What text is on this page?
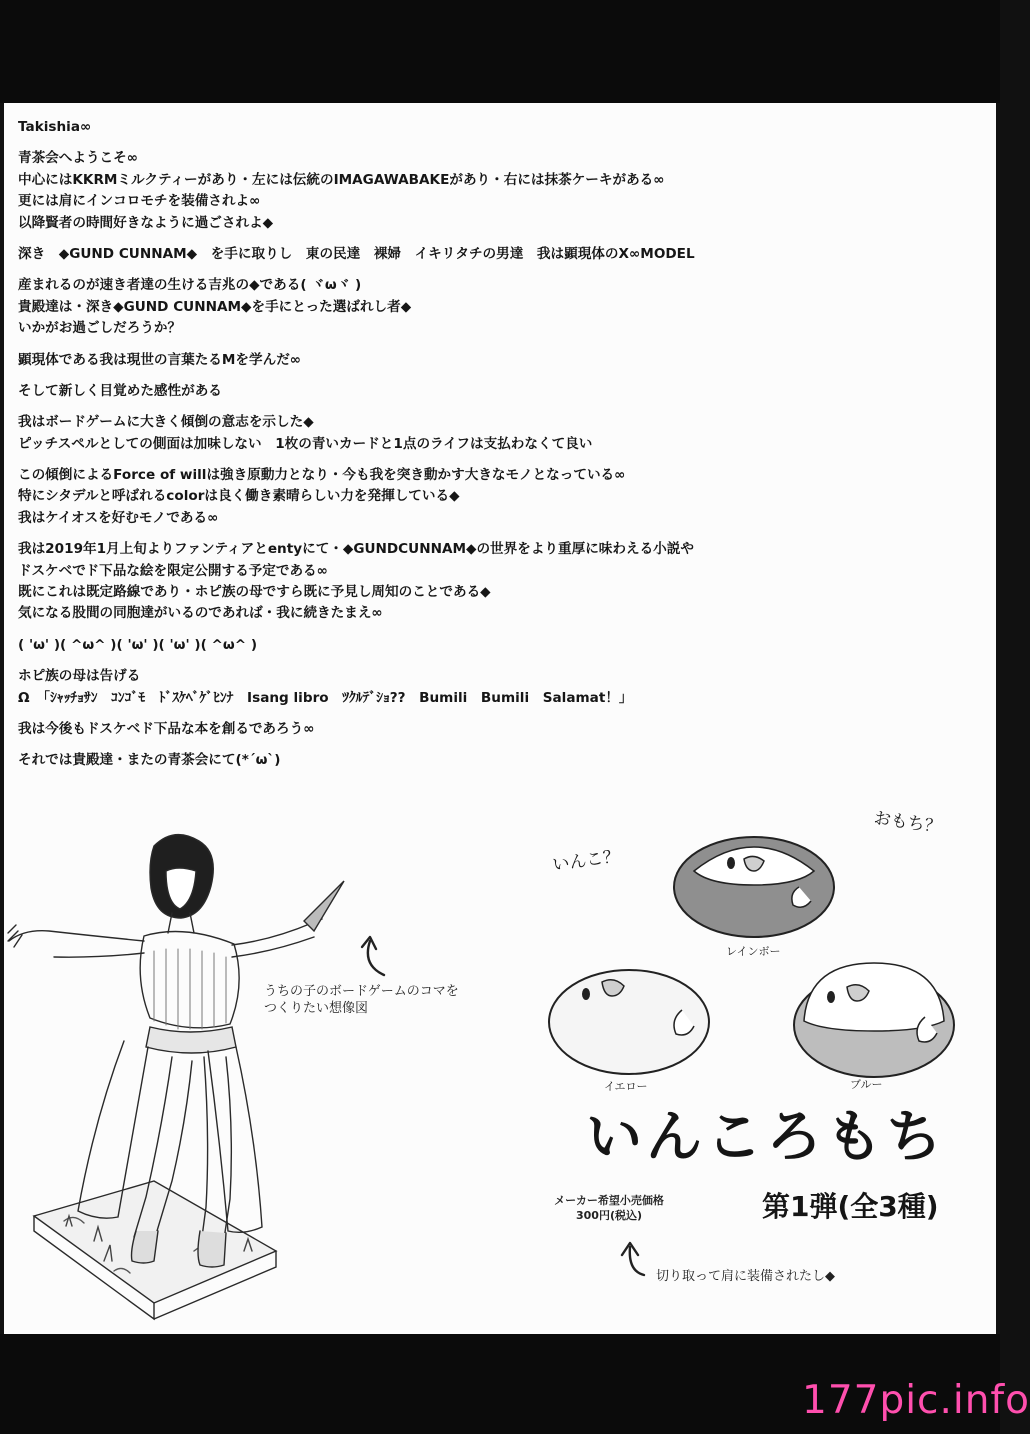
Takishia∞
青茶会へようこそ∞
中心にはKKRMミルクティーがあり・左には伝統のIMAGAWABAKEがあり・右には抹茶ケーキがある∞
更には肩にインコロモチを装備されよ∞
以降賢者の時間好きなように過ごされよ◆
深き　◆GUND CUNNAM◆　を手に取りし　東の民達　裸婦　イキリタチの男達　我は顕現体のX∞MODEL
産まれるのが速き者達の生ける吉兆の◆である( ヾωヾ )
貴殿達は・深き◆GUND CUNNAM◆を手にとった選ばれし者◆
いかがお過ごしだろうか？
顕現体である我は現世の言葉たるMを学んだ∞
そして新しく目覚めた感性がある
我はボードゲームに大きく傾倒の意志を示した◆
ピッチスペルとしての側面は加味しない　1枚の青いカードと1点のライフは支払わなくて良い
この傾倒によるForce of willは強き原動力となり・今も我を突き動かす大きなモノとなっている∞
特にシタデルと呼ばれるcolorは良く働き素晴らしい力を発揮している◆
我はケイオスを好むモノである∞
我は2019年1月上旬よりファンティアとentyにて・◆GUNDCUNNAM◆の世界をより重厚に味わえる小説や
ドスケベでド下品な絵を限定公開する予定である∞
既にこれは既定路線であり・ホピ族の母ですら既に予見し周知のことである◆
気になる股間の同胞達がいるのであれば・我に続きたまえ∞
( 'ω' )( ^ω^ )( 'ω' )( 'ω' )( ^ω^ )
ホピ族の母は告げる
Ω　「ｼｬｯﾁｮｻﾝ　ｺﾝｺﾞﾓ　ﾄﾞｽｹﾍﾞｹﾞﾋﾝﾅ　Isang libro　ﾂｸﾙﾃﾞｼｮ??　Bumili　Bumili　Salamat！」
我は今後もドスケベド下品な本を創るであろう∞
それでは貴殿達・またの青茶会にて(*´ω`)
うちの子のボードゲームのコマを
つくりたい想像図
いんこ？
おもち？
レインボー
イエロー	ブルー
いんころもち
メーカー希望小売価格
300円(税込)	第1弾(全3種)
切り取って肩に装備されたし◆
177pic.info
